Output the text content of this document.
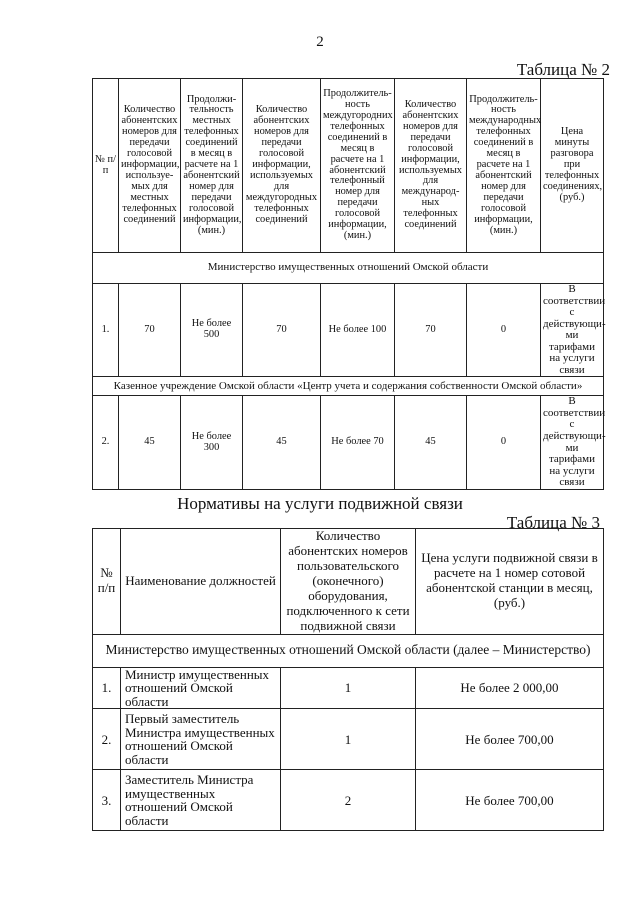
2
Таблица № 2
№ п/п	Количество абонентских номеров для передачи голосовой информации, используе-мых для местных телефонных соединений	Продолжи-тельность местных телефонных соединений в месяц в расчете на 1 абонентский номер для передачи голосовой информации, (мин.)	Количество абонентских номеров для передачи голосовой информации, используемых для междугородных телефонных соединений	Продолжитель-ность междугородних телефонных соединений в месяц в расчете на 1 абонентский телефонный номер для передачи голосовой информации, (мин.)	Количество абонентских номеров для передачи голосовой информации, используемых для международ-ных телефонных соединений	Продолжитель-ность международных телефонных соединений в месяц в расчете на 1 абонентский номер для передачи голосовой информации, (мин.)	Цена минуты разговора при телефонных соединениях, (руб.)
Министерство имущественных отношений Омской области							
1.	70	Не более 500	70	Не более 100	70	0	В соответствии с действующи-ми тарифами на услуги связи
Казенное учреждение Омской области «Центр учета и содержания собственности Омской области»							
2.	45	Не более 300	45	Не более 70	45	0	В соответствии с действующи-ми тарифами на услуги связи
Нормативы на услуги подвижной связи
Таблица № 3
№ п/п	Наименование должностей	Количество абонентских номеров пользовательского (оконечного) оборудования, подключенного к сети подвижной связи	Цена услуги подвижной связи в расчете на 1 номер сотовой абонентской станции в месяц, (руб.)
Министерство имущественных отношений Омской области (далее – Министерство)			
1.	Министр имущественных отношений Омской области	1	Не более 2 000,00
2.	Первый заместитель Министра имущественных отношений Омской области	1	Не более 700,00
3.	Заместитель Министра имущественных отношений Омской области	2	Не более 700,00
